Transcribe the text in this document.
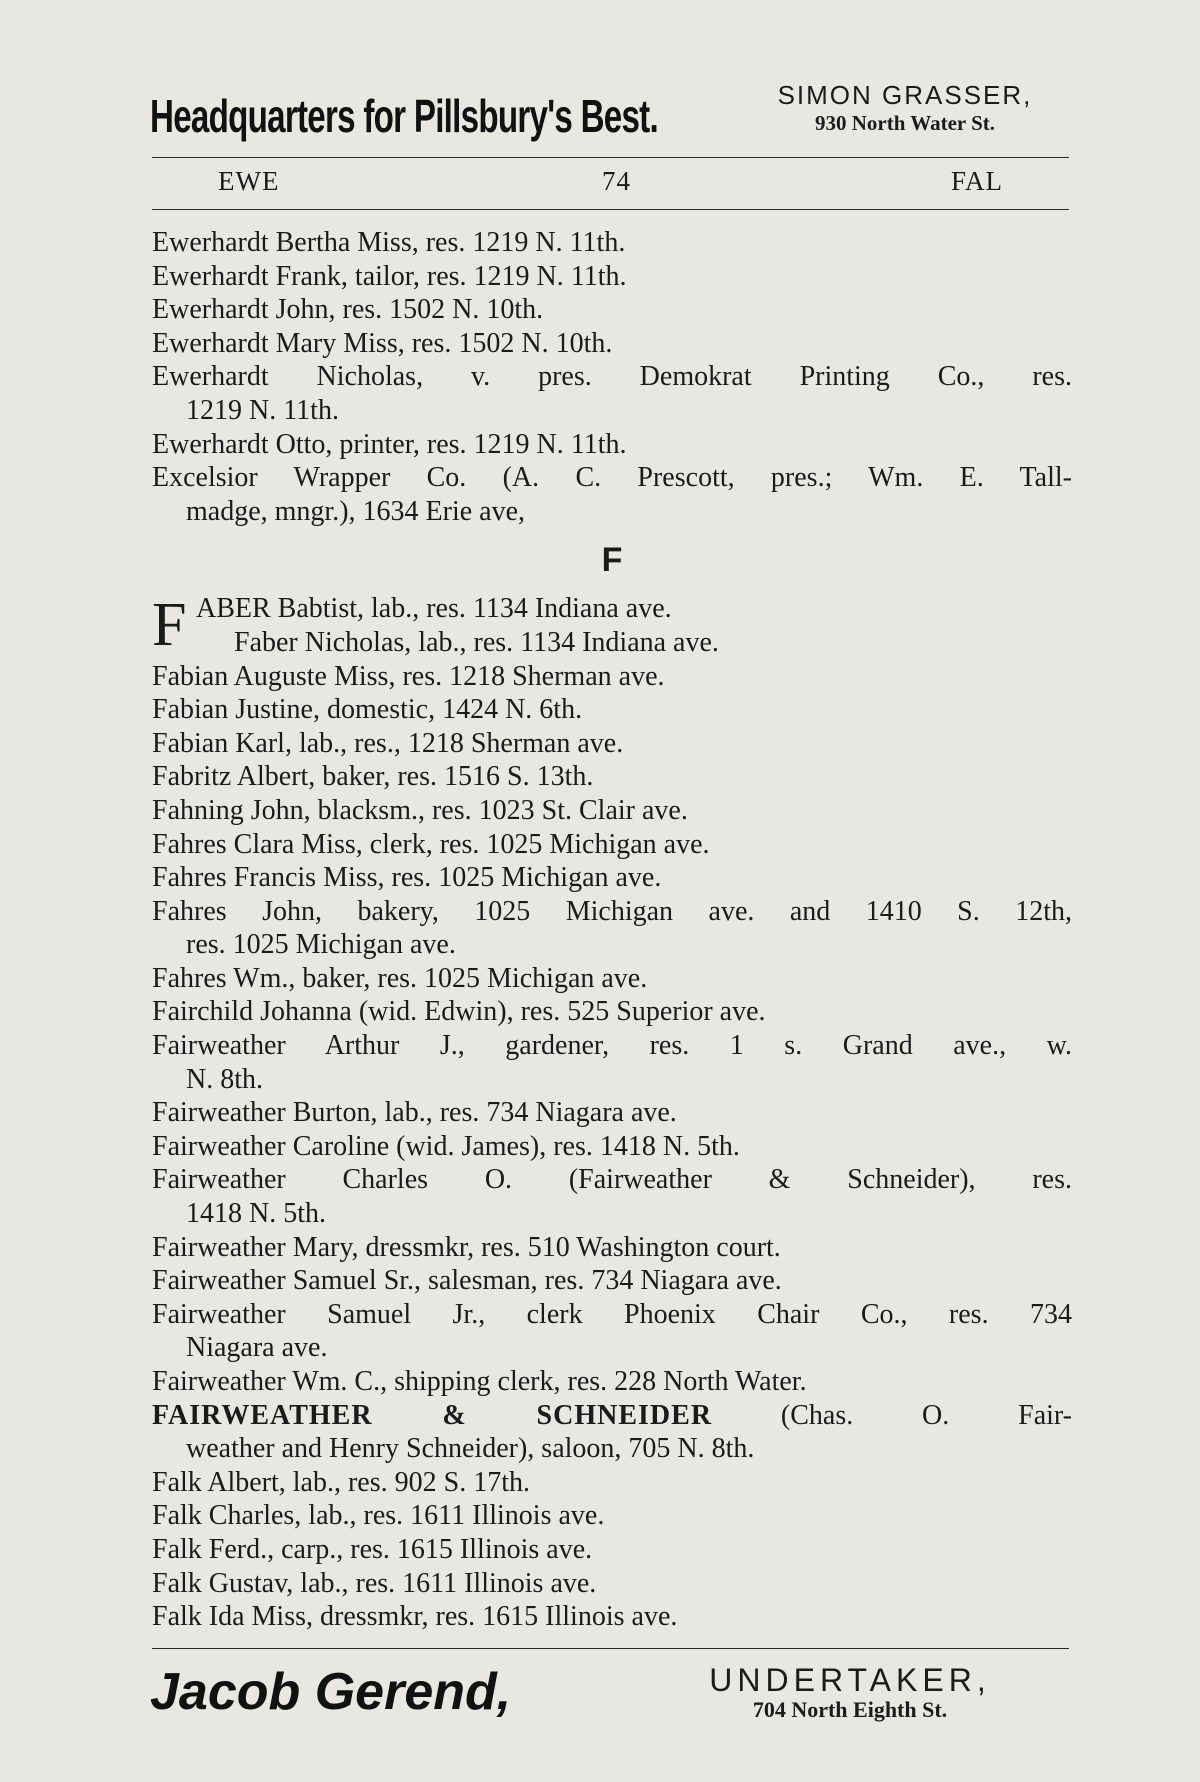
Headquarters for Pillsbury's Best.	SIMON GRASSER,
930 North Water St.
EWE	74	FAL
Ewerhardt Bertha Miss, res. 1219 N. 11th.
Ewerhardt Frank, tailor, res. 1219 N. 11th.
Ewerhardt John, res. 1502 N. 10th.
Ewerhardt Mary Miss, res. 1502 N. 10th.
Ewerhardt Nicholas, v. pres. Demokrat Printing Co., res.
1219 N. 11th.
Ewerhardt Otto, printer, res. 1219 N. 11th.
Excelsior Wrapper Co. (A. C. Prescott, pres.; Wm. E. Tall-
madge, mngr.), 1634 Erie ave,
F
F ABER Babtist, lab., res. 1134 Indiana ave.
Faber Nicholas, lab., res. 1134 Indiana ave.
Fabian Auguste Miss, res. 1218 Sherman ave.
Fabian Justine, domestic, 1424 N. 6th.
Fabian Karl, lab., res., 1218 Sherman ave.
Fabritz Albert, baker, res. 1516 S. 13th.
Fahning John, blacksm., res. 1023 St. Clair ave.
Fahres Clara Miss, clerk, res. 1025 Michigan ave.
Fahres Francis Miss, res. 1025 Michigan ave.
Fahres John, bakery, 1025 Michigan ave. and 1410 S. 12th,
res. 1025 Michigan ave.
Fahres Wm., baker, res. 1025 Michigan ave.
Fairchild Johanna (wid. Edwin), res. 525 Superior ave.
Fairweather Arthur J., gardener, res. 1 s. Grand ave., w.
N. 8th.
Fairweather Burton, lab., res. 734 Niagara ave.
Fairweather Caroline (wid. James), res. 1418 N. 5th.
Fairweather Charles O. (Fairweather & Schneider), res.
1418 N. 5th.
Fairweather Mary, dressmkr, res. 510 Washington court.
Fairweather Samuel Sr., salesman, res. 734 Niagara ave.
Fairweather Samuel Jr., clerk Phoenix Chair Co., res. 734
Niagara ave.
Fairweather Wm. C., shipping clerk, res. 228 North Water.
FAIRWEATHER & SCHNEIDER (Chas. O. Fair-
weather and Henry Schneider), saloon, 705 N. 8th.
Falk Albert, lab., res. 902 S. 17th.
Falk Charles, lab., res. 1611 Illinois ave.
Falk Ferd., carp., res. 1615 Illinois ave.
Falk Gustav, lab., res. 1611 Illinois ave.
Falk Ida Miss, dressmkr, res. 1615 Illinois ave.
Jacob Gerend,	UNDERTAKER,
704 North Eighth St.
